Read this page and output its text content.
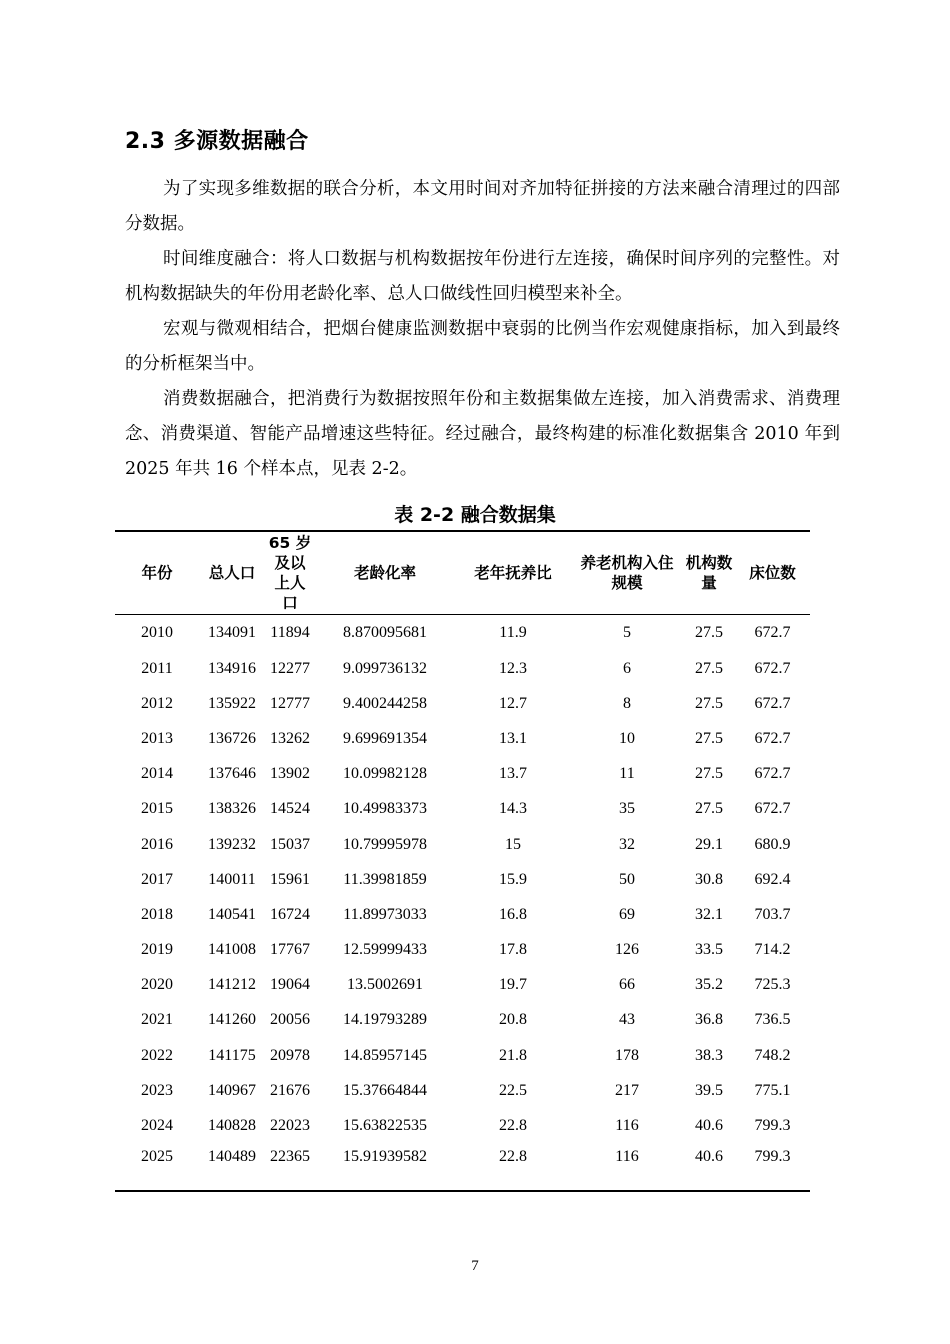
2.3 多源数据融合

为了实现多维数据的联合分析，本文用时间对齐加特征拼接的方法来融合清理过的四部分数据。

时间维度融合：将人口数据与机构数据按年份进行左连接，确保时间序列的完整性。对机构数据缺失的年份用老龄化率、总人口做线性回归模型来补全。

宏观与微观相结合，把烟台健康监测数据中衰弱的比例当作宏观健康指标，加入到最终的分析框架当中。

消费数据融合，把消费行为数据按照年份和主数据集做左连接，加入消费需求、消费理念、消费渠道、智能产品增速这些特征。经过融合，最终构建的标准化数据集含 2010 年到 2025 年共 16 个样本点，见表 2-2。

表 2-2 融合数据集
年份	总人口	65 岁及以上人口	老龄化率	老年抚养比	养老机构入住规模	机构数量	床位数
2010	134091	11894	8.870095681	11.9	5	27.5	672.7
2011	134916	12277	9.099736132	12.3	6	27.5	672.7
2012	135922	12777	9.400244258	12.7	8	27.5	672.7
2013	136726	13262	9.699691354	13.1	10	27.5	672.7
2014	137646	13902	10.09982128	13.7	11	27.5	672.7
2015	138326	14524	10.49983373	14.3	35	27.5	672.7
2016	139232	15037	10.79995978	15	32	29.1	680.9
2017	140011	15961	11.39981859	15.9	50	30.8	692.4
2018	140541	16724	11.89973033	16.8	69	32.1	703.7
2019	141008	17767	12.59999433	17.8	126	33.5	714.2
2020	141212	19064	13.5002691	19.7	66	35.2	725.3
2021	141260	20056	14.19793289	20.8	43	36.8	736.5
2022	141175	20978	14.85957145	21.8	178	38.3	748.2
2023	140967	21676	15.37664844	22.5	217	39.5	775.1
2024	140828	22023	15.63822535	22.8	116	40.6	799.3
2025	140489	22365	15.91939582	22.8	116	40.6	799.3
7
